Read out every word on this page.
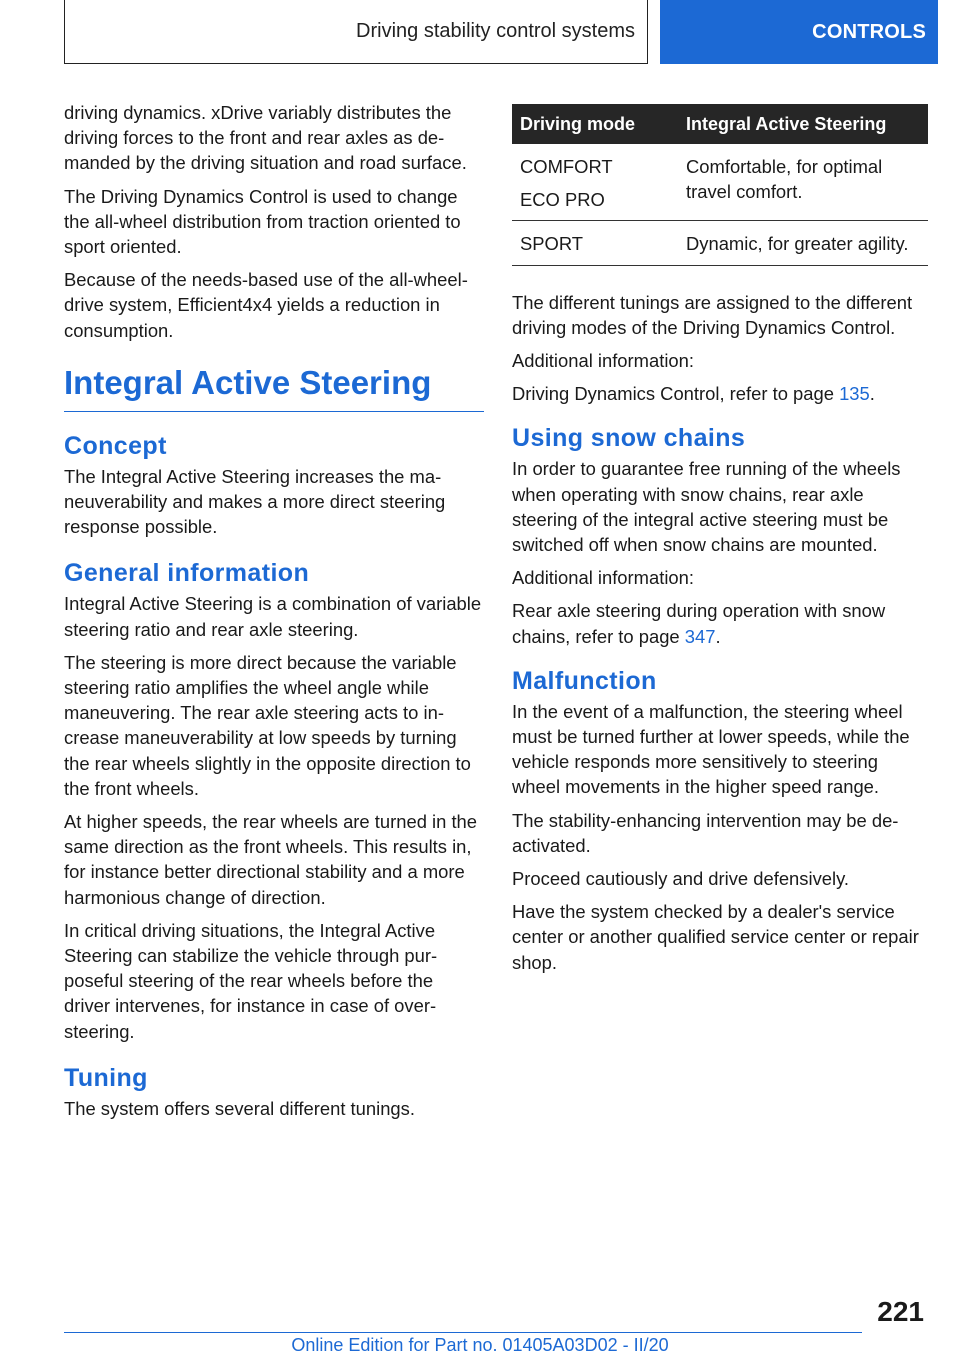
Driving stability control systems	CONTROLS

driving dynamics. xDrive variably distributes the driving forces to the front and rear axles as demanded by the driving situation and road surface.

The Driving Dynamics Control is used to change the all-wheel distribution from traction oriented to sport oriented.

Because of the needs-based use of the all-wheel-drive system, Efficient4x4 yields a reduction in consumption.

Integral Active Steering
Concept

The Integral Active Steering increases the maneuverability and makes a more direct steering response possible.

General information

Integral Active Steering is a combination of variable steering ratio and rear axle steering.

The steering is more direct because the variable steering ratio amplifies the wheel angle while maneuvering. The rear axle steering acts to increase maneuverability at low speeds by turning the rear wheels slightly in the opposite direction to the front wheels.

At higher speeds, the rear wheels are turned in the same direction as the front wheels. This results in, for instance better directional stability and a more harmonious change of direction.

In critical driving situations, the Integral Active Steering can stabilize the vehicle through purposeful steering of the rear wheels before the driver intervenes, for instance in case of oversteering.

Tuning

The system offers several different tunings.

Driving mode	Integral Active Steering

COMFORT
ECO PRO	Comfortable, for optimal travel comfort.
SPORT	Dynamic, for greater agility.

The different tunings are assigned to the different driving modes of the Driving Dynamics Control.

Additional information:

Driving Dynamics Control, refer to page 135.

Using snow chains

In order to guarantee free running of the wheels when operating with snow chains, rear axle steering of the integral active steering must be switched off when snow chains are mounted.

Additional information:

Rear axle steering during operation with snow chains, refer to page 347.

Malfunction

In the event of a malfunction, the steering wheel must be turned further at lower speeds, while the vehicle responds more sensitively to steering wheel movements in the higher speed range.

The stability-enhancing intervention may be deactivated.

Proceed cautiously and drive defensively.

Have the system checked by a dealer's service center or another qualified service center or repair shop.

221
Online Edition for Part no. 01405A03D02 - II/20
